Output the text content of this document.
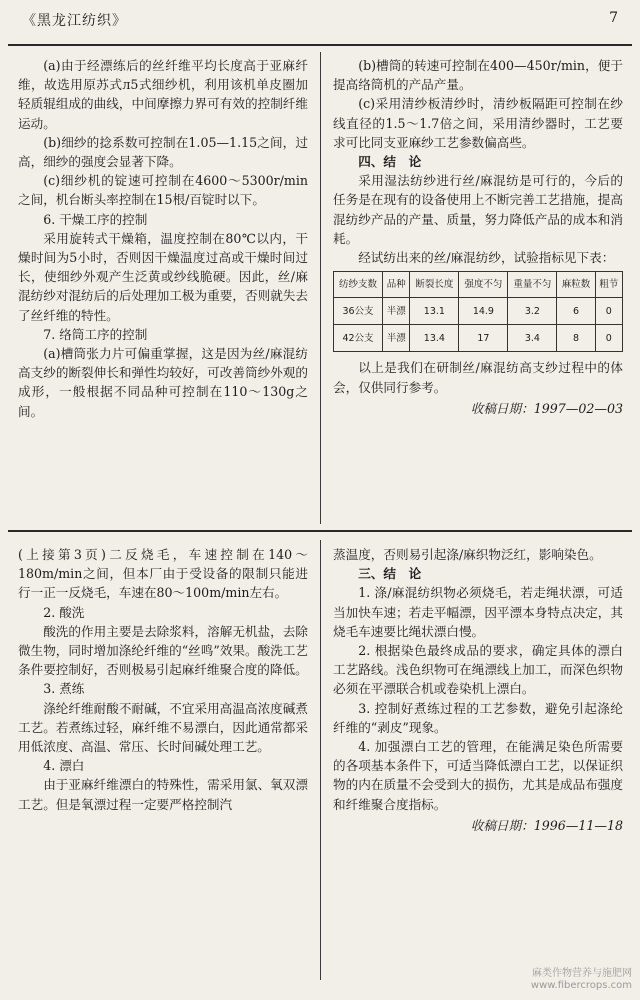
《黑龙江纺织》	7

(a)由于经漂练后的丝纤维平均长度高于亚麻纤维，故选用原苏式л5式细纱机，利用该机单皮圈加轻质辊组成的曲线，中间摩擦力界可有效的控制纤维运动。

(b)细纱的捻系数可控制在1.05—1.15之间，过高，细纱的强度会显著下降。

(c)细纱机的锭速可控制在4600～5300r/min之间，机台断头率控制在15根/百锭时以下。

6. 干燥工序的控制

采用旋转式干燥箱，温度控制在80℃以内，干燥时间为5小时，否则因干燥温度过高或干燥时间过长，使细纱外观产生泛黄或纱线脆硬。因此，丝/麻混纺纱对混纺后的后处理加工极为重要，否则就失去了丝纤维的特性。

7. 络筒工序的控制

(a)槽筒张力片可偏重掌握，这是因为丝/麻混纺高支纱的断裂伸长和弹性均较好，可改善筒纱外观的成形，一般根据不同品种可控制在110～130g之间。

(b)槽筒的转速可控制在400—450r/min，便于提高络筒机的产品产量。

(c)采用清纱板清纱时，清纱板隔距可控制在纱线直径的1.5～1.7倍之间，采用清纱器时，工艺要求可比同支亚麻纱工艺参数偏高些。

四、结　论

采用湿法纺纱进行丝/麻混纺是可行的，今后的任务是在现有的设备使用上不断完善工艺措施，提高混纺纱产品的产量、质量，努力降低产品的成本和消耗。

经试纺出来的丝/麻混纺纱，试验指标见下表：

纺纱支数	品种	断裂长度	强度不匀	重量不匀	麻粒数	粗节
36公支	半漂	13.1	14.9	3.2	6	0
42公支	半漂	13.4	17	3.4	8	0

以上是我们在研制丝/麻混纺高支纱过程中的体会，仅供同行参考。

收稿日期：1997—02—03

(上接第3页)二反烧毛，车速控制在140～180m/min之间，但本厂由于受设备的限制只能进行一正一反烧毛，车速在80～100m/min左右。

2. 酸洗

酸洗的作用主要是去除浆料，溶解无机盐，去除微生物，同时增加涤纶纤维的“丝鸣”效果。酸洗工艺条件要控制好，否则极易引起麻纤维聚合度的降低。

3. 煮练

涤纶纤维耐酸不耐碱，不宜采用高温高浓度碱煮工艺。若煮练过轻，麻纤维不易漂白，因此通常都采用低浓度、高温、常压、长时间碱处理工艺。

4. 漂白

由于亚麻纤维漂白的特殊性，需采用氯、氧双漂工艺。但是氧漂过程一定要严格控制汽

蒸温度，否则易引起涤/麻织物泛红，影响染色。

三、结　论

1. 涤/麻混纺织物必须烧毛，若走绳状漂，可适当加快车速；若走平幅漂，因平漂本身特点决定，其烧毛车速要比绳状漂白慢。

2. 根据染色最终成品的要求，确定具体的漂白工艺路线。浅色织物可在绳漂线上加工，而深色织物必须在平漂联合机或卷染机上漂白。

3. 控制好煮练过程的工艺参数，避免引起涤纶纤维的“剥皮”现象。

4. 加强漂白工艺的管理，在能满足染色所需要的各项基本条件下，可适当降低漂白工艺，以保证织物的内在质量不会受到大的损伤，尤其是成品布强度和纤维聚合度指标。

收稿日期：1996—11—18

麻类作物营养与施肥网
www.fibercrops.com
